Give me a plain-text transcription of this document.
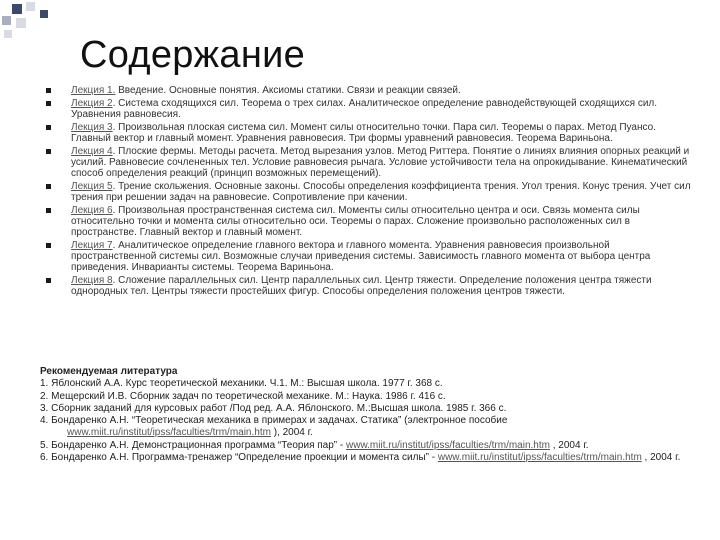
Содержание
Лекция 1. Введение. Основные понятия. Аксиомы статики. Связи и реакции связей.
Лекция 2. Система сходящихся сил. Теорема о трех силах. Аналитическое определение равнодействующей сходящихся сил. Уравнения равновесия.
Лекция 3. Произвольная плоская система сил. Момент силы относительно точки. Пара сил. Теоремы о парах. Метод Пуансо. Главный вектор и главный момент. Уравнения равновесия. Три формы уравнений равновесия. Теорема Вариньона.
Лекция 4. Плоские фермы. Методы расчета. Метод вырезания узлов. Метод Риттера. Понятие о линиях влияния опорных реакций и усилий. Равновесие сочлененных тел. Условие равновесия рычага. Условие устойчивости тела на опрокидывание. Кинематический способ определения реакций (принцип возможных перемещений).
Лекция 5. Трение скольжения. Основные законы. Способы определения коэффициента трения. Угол трения. Конус трения. Учет сил трения при решении задач на равновесие. Сопротивление при качении.
Лекция 6. Произвольная пространственная система сил. Моменты силы относительно центра и оси. Связь момента силы относительно точки и момента силы относительно оси. Теоремы о парах. Сложение произвольно расположенных сил в пространстве. Главный вектор и главный момент.
Лекция 7. Аналитическое определение главного вектора и главного момента. Уравнения равновесия произвольной пространственной системы сил. Возможные случаи приведения системы. Зависимость главного момента от выбора центра приведения. Инварианты системы. Теорема Вариньона.
Лекция 8. Сложение параллельных сил. Центр параллельных сил. Центр тяжести. Определение положения центра тяжести однородных тел. Центры тяжести простейших фигур. Способы определения положения центров тяжести.
Рекомендуемая литература
1. Яблонский А.А. Курс теоретической механики. Ч.1. М.: Высшая школа. 1977 г. 368 с.
2. Мещерский И.В. Сборник задач по теоретической механике. М.: Наука. 1986 г. 416 с.
3. Сборник заданий для курсовых работ /Под ред. А.А. Яблонского. М.:Высшая школа. 1985 г. 366 с.
4. Бондаренко А.Н. “Теоретическая механика в примерах и задачах. Статика” (электронное пособие www.miit.ru/institut/ipss/faculties/trm/main.htm ), 2004 г.
5. Бондаренко А.Н. Демонстрационная программа “Теория пар” - www.miit.ru/institut/ipss/faculties/trm/main.htm , 2004 г.
6. Бондаренко А.Н. Программа-тренажер “Определение проекции и момента силы” - www.miit.ru/institut/ipss/faculties/trm/main.htm , 2004 г.
